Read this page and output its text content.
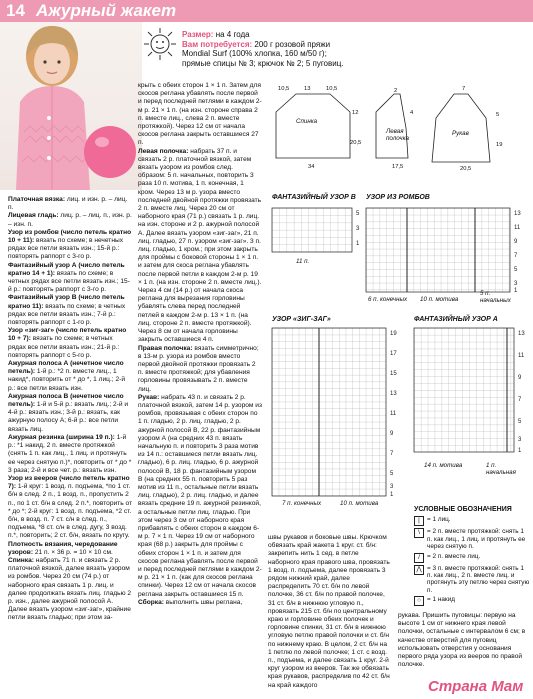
14 Ажурный жакет

Размер: на 4 года

Вам потребуется: 200 г розовой пряжи

Mondial Surf (100% хлопка, 160 м/50 г);

прямые спицы № 3; крючок № 2; 5 пуговиц.

Платочная вязка: лиц. и изн. р. – лиц. п.

Лицевая гладь: лиц. р. – лиц. п., изн. р. – изн. п.

Узор из ромбов (число петель кратно 10 + 11): вязать по схеме; в нечетных рядах все петли вязать изн.; 15-й р.: повторять раппорт с 3-го р.

Фантазийный узор А (число петель кратно 14 + 1): вязать по схеме; в четных рядах все петли вязать изн.; 15-й р.: повторять раппорт с 3-го р.

Фантазийный узор В (число петель кратно 11): вязать по схеме; в четных рядах все петли вязать изн.; 7-й р.: повторять раппорт с 1-го р.

Узор «зиг-заг» (число петель кратно 10 + 7): вязать по схеме; в четных рядах все петли вязать изн.; 21-й р.: повторять раппорт с 5-го р.

Ажурная полоса А (нечетное число петель): 1-й р.: *2 п. вместе лиц., 1 накид*, повторить от * до *, 1 лиц.; 2-й р.: все петли вязать изн.

Ажурная полоса В (нечетное число петель): 1-й и 5-й р.: вязать лиц.; 2-й и 4-й р.: вязать изн.; 3-й р.: вязать, как ажурную полосу А; 6-й р.: все петли вязать лиц.

Ажурная резинка (ширина 19 п.): 1-й р.: *1 накид, 2 п. вместе протяжкой (снять 1 п. как лиц., 1 лиц. и протянуть ее через снятую п.)*, повторить от * до * 3 раза; 2-й и все чет. р.: вязать изн.

Узор из вееров (число петель кратно 7): 1-й круг: 1 возд. п. подъема, *по 1 ст. б/н в след. 2 п., 1 возд. п., пропустить 2 п., по 1 ст. б/н в след. 2 п.*, повторить от * до *; 2-й круг: 1 возд. п. подъема, *2 ст. б/н, в возд. п. 7 ст. с/н в след. п., подъема, *8 ст. с/н в след. дугу, 3 возд. п.*, повторить; 2 ст. б/н, вязать по кругу.

Плотность вязания, чередование узоров: 21 п. × 36 р. = 10 × 10 см.

Спинка: набрать 71 п. и связать 2 р. платочной вязкой, далее вязать узором из ромбов. Через 20 см (74 р.) от наборного края связать 1 р. лиц. и далее продолжать вязать лиц. гладью 2 р. изн., далее ажурной полосой А. Далее вязать узором «зиг-заг», крайние петли вязать гладью; при этом за-

крыть с обеих сторон 1 × 1 п. Затем для скосов реглана убавлять после первой и перед последней петлями в каждом 2-м р. 21 × 1 п. (на изн. стороне справа 2 п. вместе лиц., слева 2 п. вместе протяжкой). Через 12 см от начала скосов реглана закрыть оставшиеся 27 п.

Левая полочка: набрать 37 п. и связать 2 р. платочной вязкой, затем вязать узором из ромбов след. образом: 5 п. начальных, повторить 3 раза 10 п. мотива, 1 п. конечная, 1 кром. Через 13 м р. узора вместо последней двойной протяжки провязать 2 п. вместе лиц. Через 20 см от наборного края (71 р.) связать 1 р. лиц. на изн. стороне и 2 р. ажурной полосой А. Далее вязать узором «зиг-заг», 21 п. лиц. гладью, 27 п. узором «зиг-заг». 3 п. лиц. гладью, 1 кром.; при этом закрыть для проймы с боковой стороны 1 × 1 п. и затем для скоса реглана убавлять после первой петли в каждом 2-м р. 19 × 1 п. (на изн. стороне 2 п. вместе лиц.). Через 4 см (14 р.) от начала скоса реглана для вырезания горловины убавлять слева перед последней петлей в каждом 2-м р. 13 × 1 п. (на лиц. стороне 2 п. вместе протяжкой). Через 8 см от начала горловины закрыть оставшиеся 4 п.

Правая полочка: вязать симметрично; в 13-м р. узора из ромбов вместо первой двойной протяжки провязать 2 п. вместе протяжкой; для убавления горловины провязывать 2 п. вместе лиц.

Рукав: набрать 43 п. и связать 2 р. платочной вязкой, затем 14 р. узором из ромбов, провязывая с обеих сторон по 1 п. гладью, 2 р. лиц. гладью, 2 р. ажурной полосой В, 22 р. фантазийным узором А (на средних 43 п. вязать начальную п. и повторить 3 раза мотив из 14 п.: оставшиеся петли вязать лиц. гладью), 6 р. лиц. гладью, 6 р. ажурной полосой В, 18 р. фантазийным узором В (на средних 55 п. повторить 5 раз мотив из 11 п., остальные петли вязать лиц. гладью), 2 р. лиц. гладью, и далее вязать средние 19 п. ажурной резинкой, а остальные петли лиц. гладью. При этом через 3 см от наборного края прибавлять с обеих сторон в каждом 6-м р. 7 × 1 п. Через 19 см от наборного края (68 р.) закрыть для проймы с обеих сторон 1 × 1 п. и затем для скосов реглана убавлять после первой и перед последней петлями в каждом 2-м р. 21 × 1 п. (как для скосов реглана спинки). Через 12 см от начала скосов реглана закрыть оставшиеся 15 п.

Сборка: выполнить швы реглана,

швы рукавов и боковые швы. Крючком обвязать край жакета 1 круг. ст. б/н: закрепить нить 1 сед. в петле наборного края правого шва, провязать 1 возд. п. подъема, далее провязать 3 рядом нижний край, далее распределить 70 ст. б/н по левой полочке, 36 ст. б/н по правой полочке, 31 ст. б/н в нижнюю угловую п., провязать 215 ст. б/н по центральному краю и горловине обеих полочек и горловине спинки, 31 ст. б/н в нижнюю угловую петлю правой полочки и ст. б/н по нижнему краю. В целом, 2 ст. б/н на 1 петлю по левой полочке; 1 ст. с возд. п., подъема, и далее связать 1 круг. 2-й круг узором из вееров. Так же обвязать края рукавов, распределив по 42 ст. б/н на край каждого

рукава. Пришить пуговицы: первую на высоте 1 см от нижнего края левой полочки, остальные с интервалом 6 см; в качестве отверстий для пуговиц использовать отверстия у основания первого ряда узора из вееров по правой полочке.

Спинка
Левая полочка
Рукав
10,5	13	10,5
12
20,5
34
2
4
17,5
7
5
19
20,5
ФАНТАЗИЙНЫЙ УЗОР В УЗОР ИЗ РОМБОВ
УЗОР «ЗИГ-ЗАГ»	ФАНТАЗИЙНЫЙ УЗОР А
5
3
1
11 п.
13
11
9
7
5
3
1
6 п. конечных 10 п. мотива
5 п. начальных
19
17
15
13
11
9
7
5
3
1
7 п. конечных	10 п. мотива
13
11
9
7
5
3
1
14 п. мотива	1 п. начальная
УСЛОВНЫЕ ОБОЗНАЧЕНИЯ
|	= 1 лиц.
\	= 2 п. вместе протяжкой: снять 1 п. как лиц., 1 лиц. и протянуть ее через снятую п.
/	= 2 п. вместе лиц.
⋀ = 3 п. вместе протяжкой: снять 1 п. как лиц., 2 п. вместе лиц. и протянуть эту петлю через снятую п.
○ = 1 накид
Страна Мам
